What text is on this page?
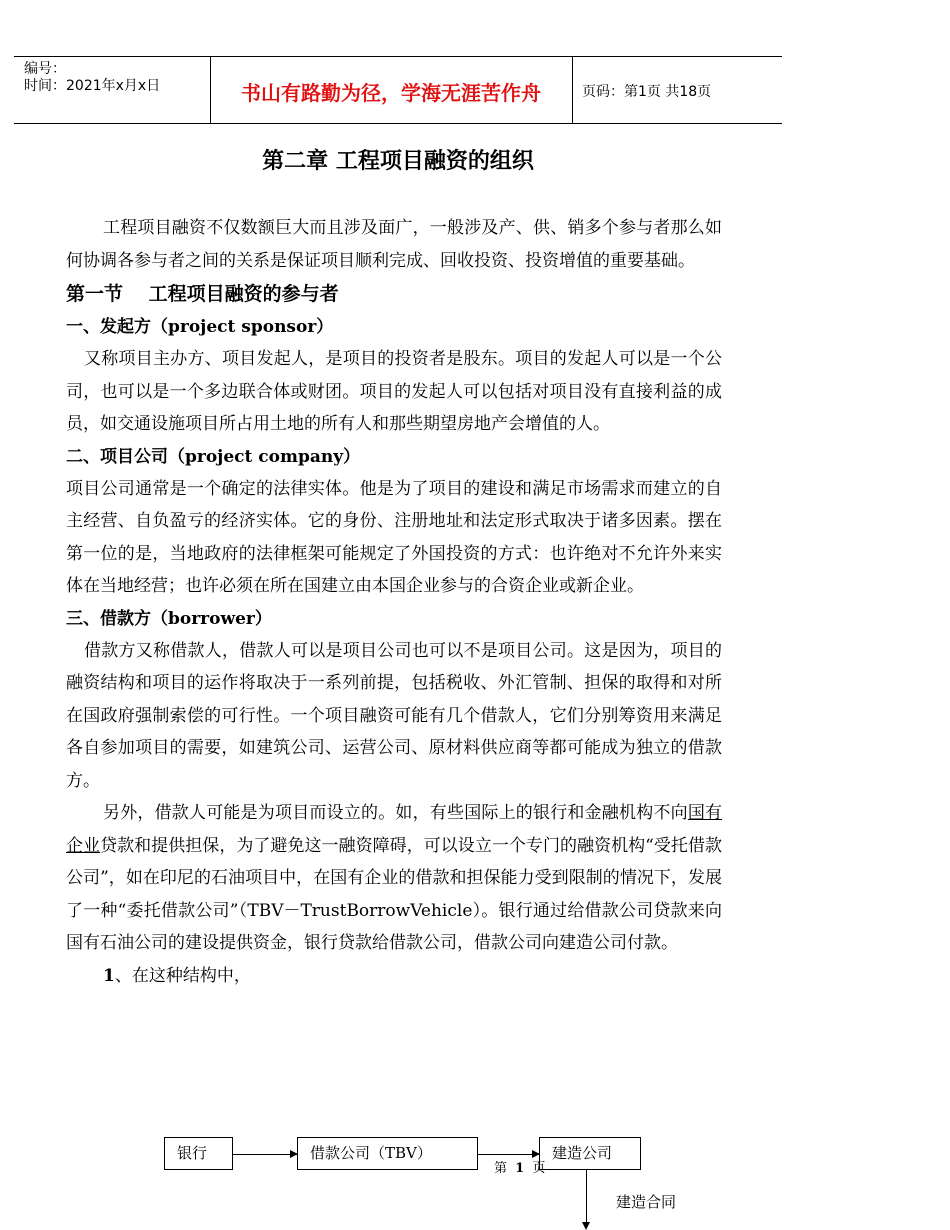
编号：
时间：2021年x月x日	书山有路勤为径，学海无涯苦作舟	页码：第1页 共18页
第二章 工程项目融资的组织

工程项目融资不仅数额巨大而且涉及面广，一般涉及产、供、销多个参与者那么如何协调各参与者之间的关系是保证项目顺利完成、回收投资、投资增值的重要基础。

第一节　 工程项目融资的参与者

一、发起方（project sponsor）

又称项目主办方、项目发起人，是项目的投资者是股东。项目的发起人可以是一个公司，也可以是一个多边联合体或财团。项目的发起人可以包括对项目没有直接利益的成员，如交通设施项目所占用土地的所有人和那些期望房地产会增值的人。

二、项目公司（project company）

项目公司通常是一个确定的法律实体。他是为了项目的建设和满足市场需求而建立的自主经营、自负盈亏的经济实体。它的身份、注册地址和法定形式取决于诸多因素。摆在第一位的是，当地政府的法律框架可能规定了外国投资的方式：也许绝对不允许外来实体在当地经营；也许必须在所在国建立由本国企业参与的合资企业或新企业。

三、借款方（borrower）

借款方又称借款人，借款人可以是项目公司也可以不是项目公司。这是因为，项目的融资结构和项目的运作将取决于一系列前提，包括税收、外汇管制、担保的取得和对所在国政府强制索偿的可行性。一个项目融资可能有几个借款人，它们分别筹资用来满足各自参加项目的需要，如建筑公司、运营公司、原材料供应商等都可能成为独立的借款方。

另外，借款人可能是为项目而设立的。如，有些国际上的银行和金融机构不向国有企业贷款和提供担保，为了避免这一融资障碍，可以设立一个专门的融资机构“受托借款公司”，如在印尼的石油项目中，在国有企业的借款和担保能力受到限制的情况下，发展了一种“委托借款公司”（TBV－TrustBorrowVehicle）。银行通过给借款公司贷款来向国有石油公司的建设提供资金，银行贷款给借款公司，借款公司向建造公司付款。

1、在这种结构中，

银行	借款公司（TBV）	建造公司
建造合同
第 1 页
